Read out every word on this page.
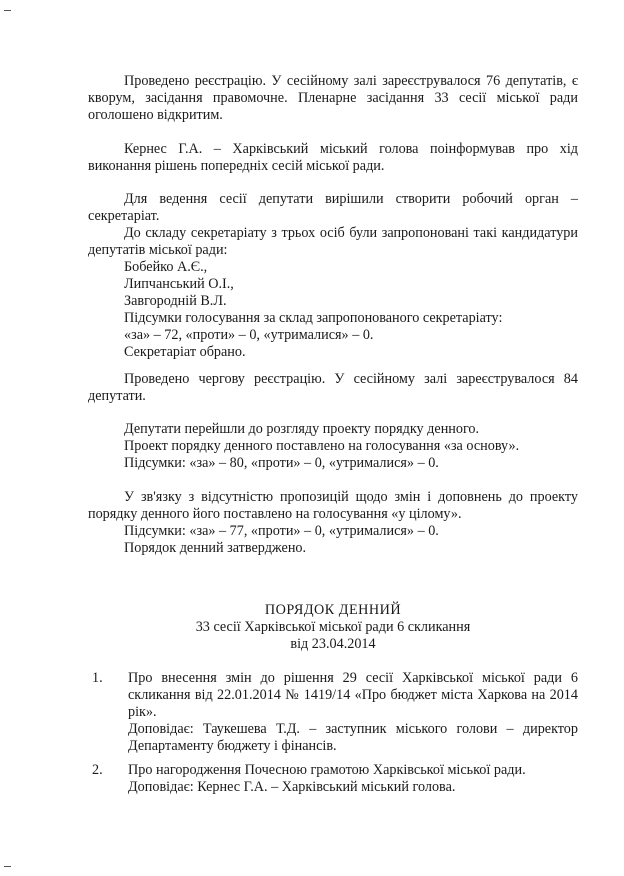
Проведено реєстрацію. У сесійному залі зареєструвалося 76 депутатів, є кворум, засідання правомочне. Пленарне засідання 33 сесії міської ради оголошено відкритим.
Кернес Г.А. – Харківський міський голова поінформував про хід виконання рішень попередніх сесій міської ради.
Для ведення сесії депутати вирішили створити робочий орган – секретаріат.
До складу секретаріату з трьох осіб були запропоновані такі кандидатури депутатів міської ради:
Бобейко А.Є.,
Липчанський О.І.,
Завгородній В.Л.
Підсумки голосування за склад запропонованого секретаріату:
«за» – 72, «проти» – 0, «утрималися» – 0.
Секретаріат обрано.
Проведено чергову реєстрацію. У сесійному залі зареєструвалося 84 депутати.
Депутати перейшли до розгляду проекту порядку денного.
Проект порядку денного поставлено на голосування «за основу».
Підсумки: «за» – 80, «проти» – 0, «утрималися» – 0.
У зв'язку з відсутністю пропозицій щодо змін і доповнень до проекту порядку денного його поставлено на голосування «у цілому».
Підсумки: «за» – 77, «проти» – 0, «утрималися» – 0.
Порядок денний затверджено.
ПОРЯДОК ДЕННИЙ
33 сесії Харківської міської ради 6 скликання
від 23.04.2014
1. Про внесення змін до рішення 29 сесії Харківської міської ради 6 скликання від 22.01.2014 № 1419/14 «Про бюджет міста Харкова на 2014 рік».
Доповідає: Таукешева Т.Д. – заступник міського голови – директор Департаменту бюджету і фінансів.
2. Про нагородження Почесною грамотою Харківської міської ради.
Доповідає: Кернес Г.А. – Харківський міський голова.
